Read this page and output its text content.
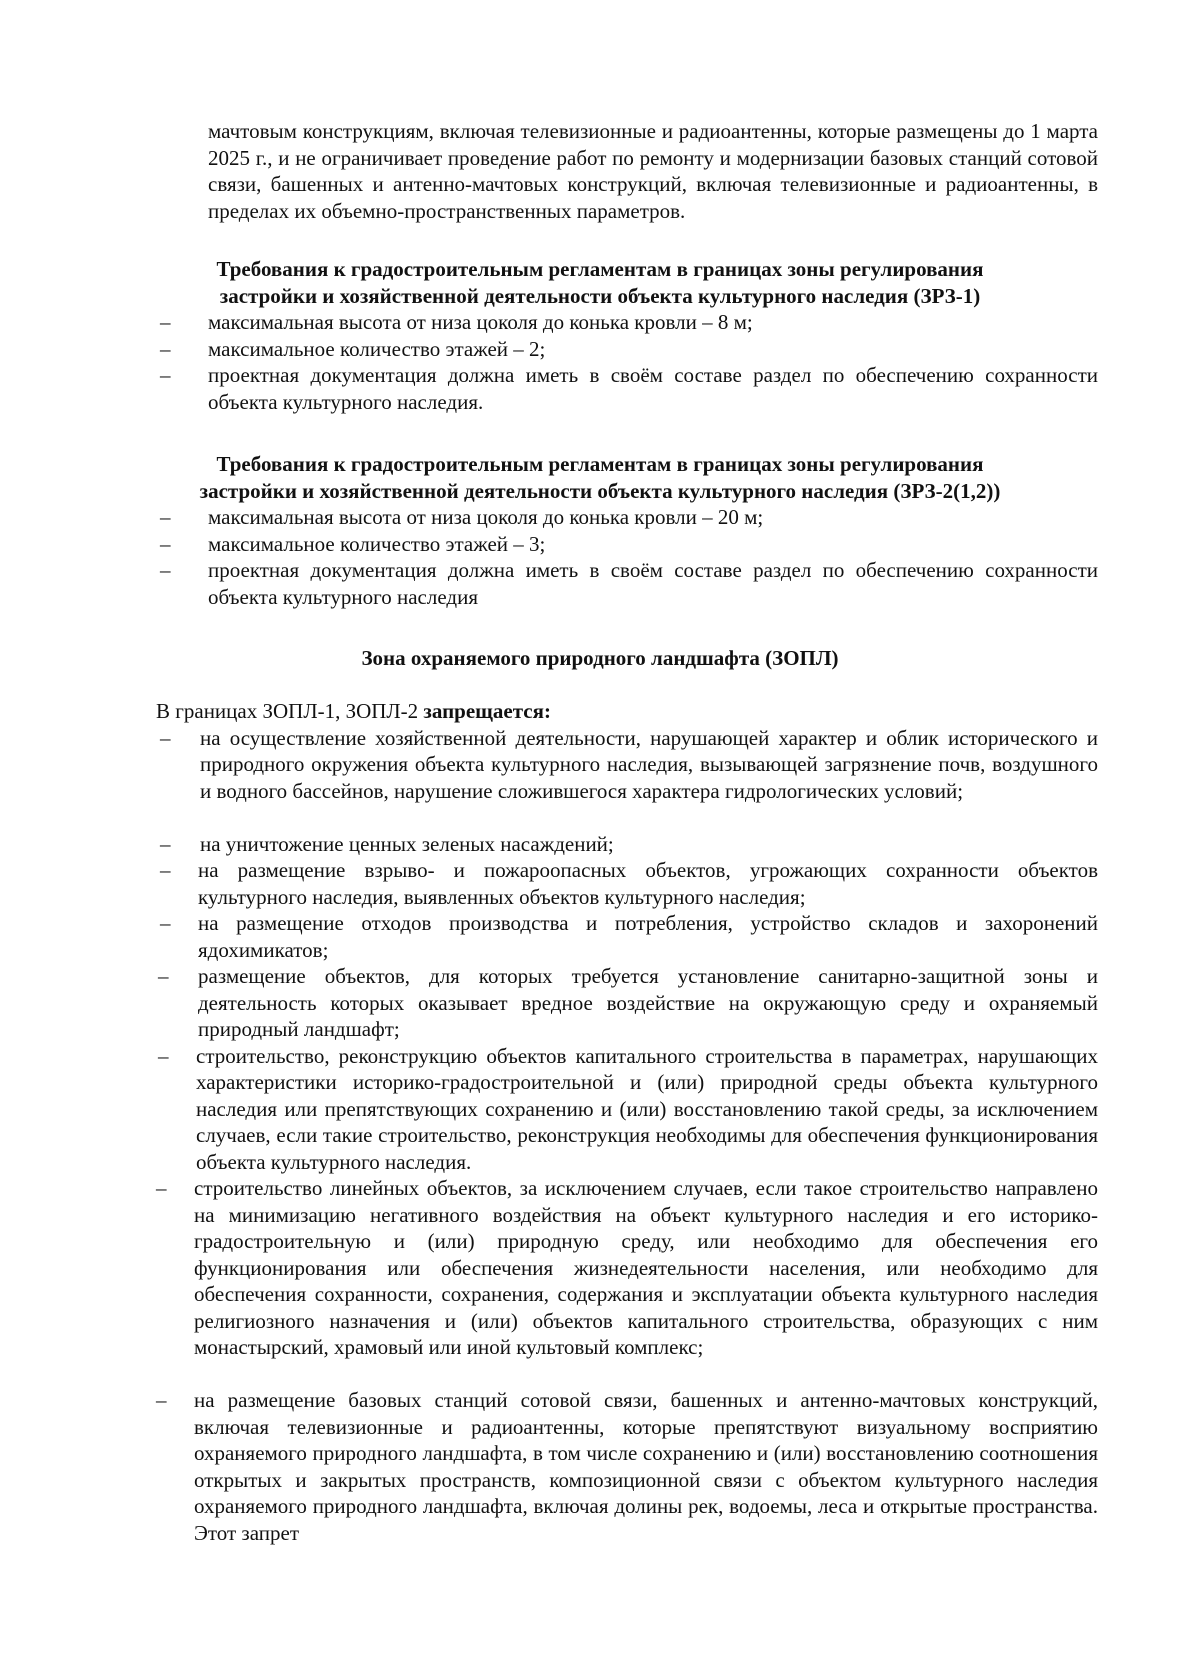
мачтовым конструкциям, включая телевизионные и радиоантенны, которые размещены до 1 марта 2025 г., и не ограничивает проведение работ по ремонту и модернизации базовых станций сотовой связи, башенных и антенно-мачтовых конструкций, включая телевизионные и радиоантенны, в пределах их объемно-пространственных параметров.
Требования к градостроительным регламентам в границах зоны регулирования
застройки и хозяйственной деятельности объекта культурного наследия (ЗРЗ-1)
– максимальная высота от низа цоколя до конька кровли – 8 м;
– максимальное количество этажей – 2;
– проектная документация должна иметь в своём составе раздел по обеспечению сохранности объекта культурного наследия.
Требования к градостроительным регламентам в границах зоны регулирования
застройки и хозяйственной деятельности объекта культурного наследия (ЗРЗ-2(1,2))
– максимальная высота от низа цоколя до конька кровли – 20 м;
– максимальное количество этажей – 3;
– проектная документация должна иметь в своём составе раздел по обеспечению сохранности объекта культурного наследия
Зона охраняемого природного ландшафта (ЗОПЛ)
В границах ЗОПЛ-1, ЗОПЛ-2 запрещается:
– на осуществление хозяйственной деятельности, нарушающей характер и облик исторического и природного окружения объекта культурного наследия, вызывающей загрязнение почв, воздушного и водного бассейнов, нарушение сложившегося характера гидрологических условий;
– на уничтожение ценных зеленых насаждений;
– на размещение взрыво- и пожароопасных объектов, угрожающих сохранности объектов культурного наследия, выявленных объектов культурного наследия;
– на размещение отходов производства и потребления, устройство складов и захоронений ядохимикатов;
– размещение объектов, для которых требуется установление санитарно-защитной зоны и деятельность которых оказывает вредное воздействие на окружающую среду и охраняемый природный ландшафт;
– строительство, реконструкцию объектов капитального строительства в параметрах, нарушающих характеристики историко-градостроительной и (или) природной среды объекта культурного наследия или препятствующих сохранению и (или) восстановлению такой среды, за исключением случаев, если такие строительство, реконструкция необходимы для обеспечения функционирования объекта культурного наследия.
– строительство линейных объектов, за исключением случаев, если такое строительство направлено на минимизацию негативного воздействия на объект культурного наследия и его историко-градостроительную и (или) природную среду, или необходимо для обеспечения его функционирования или обеспечения жизнедеятельности населения, или необходимо для обеспечения сохранности, сохранения, содержания и эксплуатации объекта культурного наследия религиозного назначения и (или) объектов капитального строительства, образующих с ним монастырский, храмовый или иной культовый комплекс;
– на размещение базовых станций сотовой связи, башенных и антенно-мачтовых конструкций, включая телевизионные и радиоантенны, которые препятствуют визуальному восприятию охраняемого природного ландшафта, в том числе сохранению и (или) восстановлению соотношения открытых и закрытых пространств, композиционной связи с объектом культурного наследия охраняемого природного ландшафта, включая долины рек, водоемы, леса и открытые пространства. Этот запрет
